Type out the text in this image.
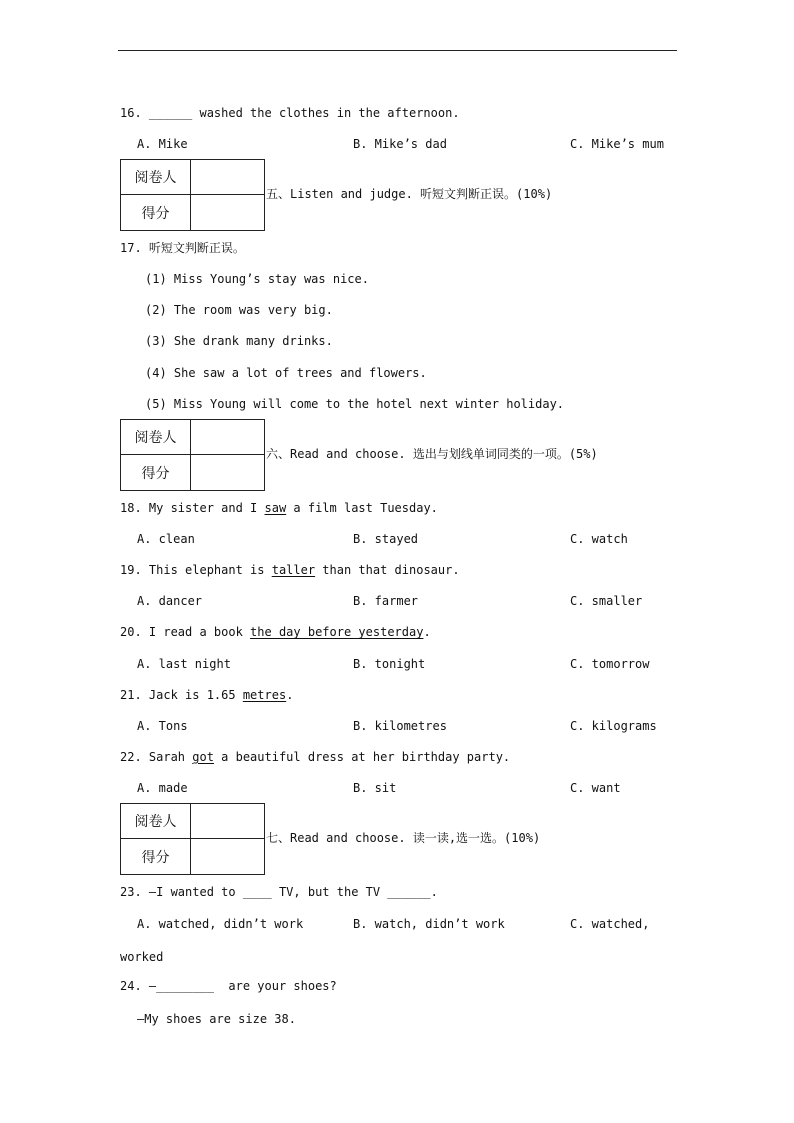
16. ______ washed the clothes in the afternoon.
A. Mike	B. Mike’s dad	C. Mike’s mum
阅卷人
得分
五、Listen and judge. 听短文判断正误。(10%)
17. 听短文判断正误。
(1) Miss Young’s stay was nice.
(2) The room was very big.
(3) She drank many drinks.
(4) She saw a lot of trees and flowers.
(5) Miss Young will come to the hotel next winter holiday.
阅卷人
得分
六、Read and choose. 选出与划线单词同类的一项。(5%)
18. My sister and I saw a film last Tuesday.
A. clean	B. stayed	C. watch
19. This elephant is taller than that dinosaur.
A. dancer	B. farmer	C. smaller
20. I read a book the day before yesterday.
A. last night	B. tonight	C. tomorrow
21. Jack is 1.65 metres.
A. Tons	B. kilometres	C. kilograms
22. Sarah got a beautiful dress at her birthday party.
A. made	B. sit	C. want
阅卷人
得分
七、Read and choose. 读一读,选一选。(10%)
23. —I wanted to ____ TV, but the TV ______.
A. watched, didn’t work	B. watch, didn’t work	C. watched,
worked
24. —________  are your shoes?
—My shoes are size 38.
